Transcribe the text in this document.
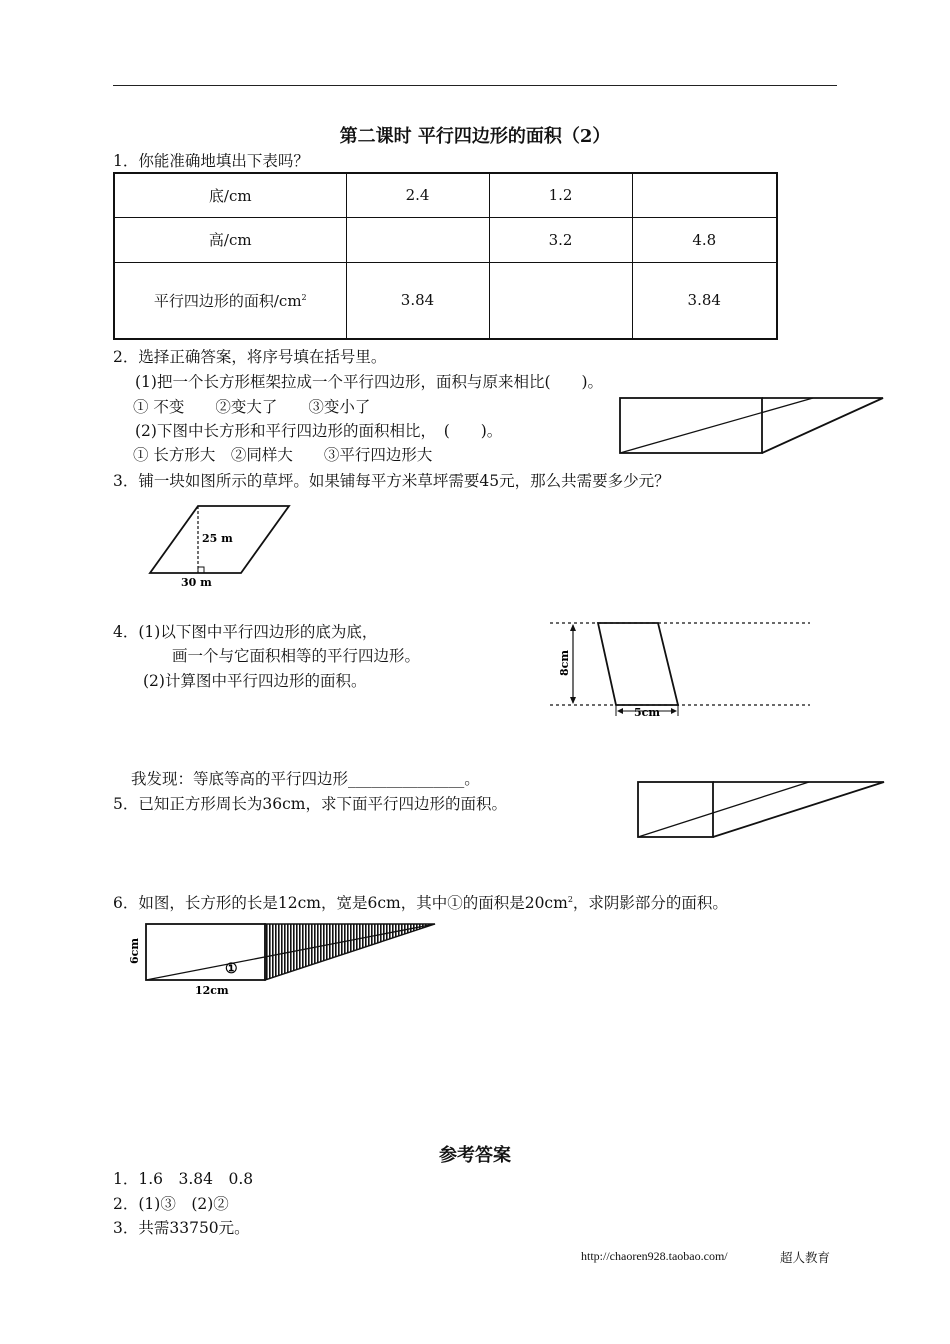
第二课时 平行四边形的面积（2）
1．你能准确地填出下表吗？
底/cm	2.4	1.2	
高/cm		3.2	4.8
平行四边形的面积$/cm^2$	3.84		3.84
2．选择正确答案，将序号填在括号里。
(1)把一个长方形框架拉成一个平行四边形，面积与原来相比(　　)。
① 不变　　②变大了　　③变小了
(2)下图中长方形和平行四边形的面积相比，　(　　)。
① 长方形大　②同样大　　③平行四边形大
3．铺一块如图所示的草坪。如果铺每平方米草坪需要45元，那么共需要多少元？
25 m
30 m
4．(1)以下图中平行四边形的底为底，
画一个与它面积相等的平行四边形。
(2)计算图中平行四边形的面积。
8cm
5cm
我发现：等底等高的平行四边形_______________。
5．已知正方形周长为36cm，求下面平行四边形的面积。
6．如图，长方形的长是12cm，宽是6cm，其中①的面积是$20cm^2$，求阴影部分的面积。
6cm
12cm
①
参考答案
1．1.6　3.84　0.8
2．(1)③　(2)②
3．共需33750元。
http://chaoren928.taobao.com/	超人教育
